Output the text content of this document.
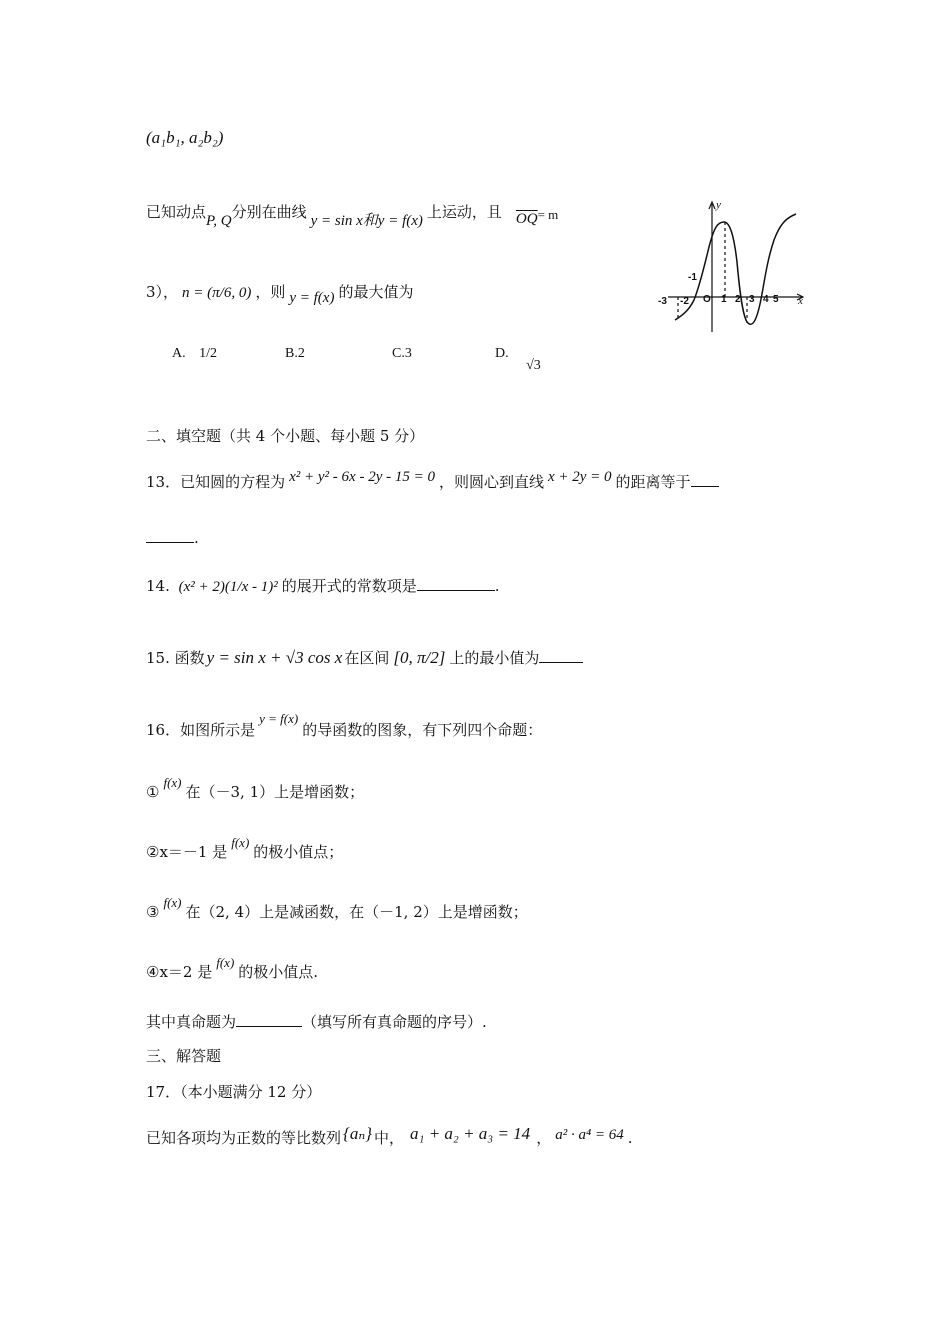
(a₁b₁, a₂b₂)
已知动点P, Q分别在曲线 y = sin x和y = f(x) 上运动，且 $\overline{OQ}= m$
3）， n = (π/6, 0) ，则 y = f(x) 的最大值为
A. 1/2	B.2	C.3	D. √3
-3 -2 O 1 2 3 4 5
-1
x
y
二、填空题（共 4 个小题、每小题 5 分）
13．已知圆的方程为 x² + y² - 6x - 2y - 15 = 0 ，则圆心到直线 x + 2y = 0 的距离等于
.
14. (x² + 2)(1/x - 1)² 的展开式的常数项是	.
15. 函数 y = sin x + √3 cos x 在区间 [0, π/2] 上的最小值为
16．如图所示是y = f(x)的导函数的图象，有下列四个命题：
①f(x)在（－3, 1）上是增函数；
②x＝－1 是f(x)的极小值点；
③f(x)在（2, 4）上是减函数，在（－1, 2）上是增函数；
④x＝2 是f(x)的极小值点.
其中真命题为	（填写所有真命题的序号）.
三、解答题
17．（本小题满分 12 分）
已知各项均为正数的等比数列 {aₙ} 中， a₁ + a₂ + a₃ = 14 ， a² · a⁴ = 64 .
